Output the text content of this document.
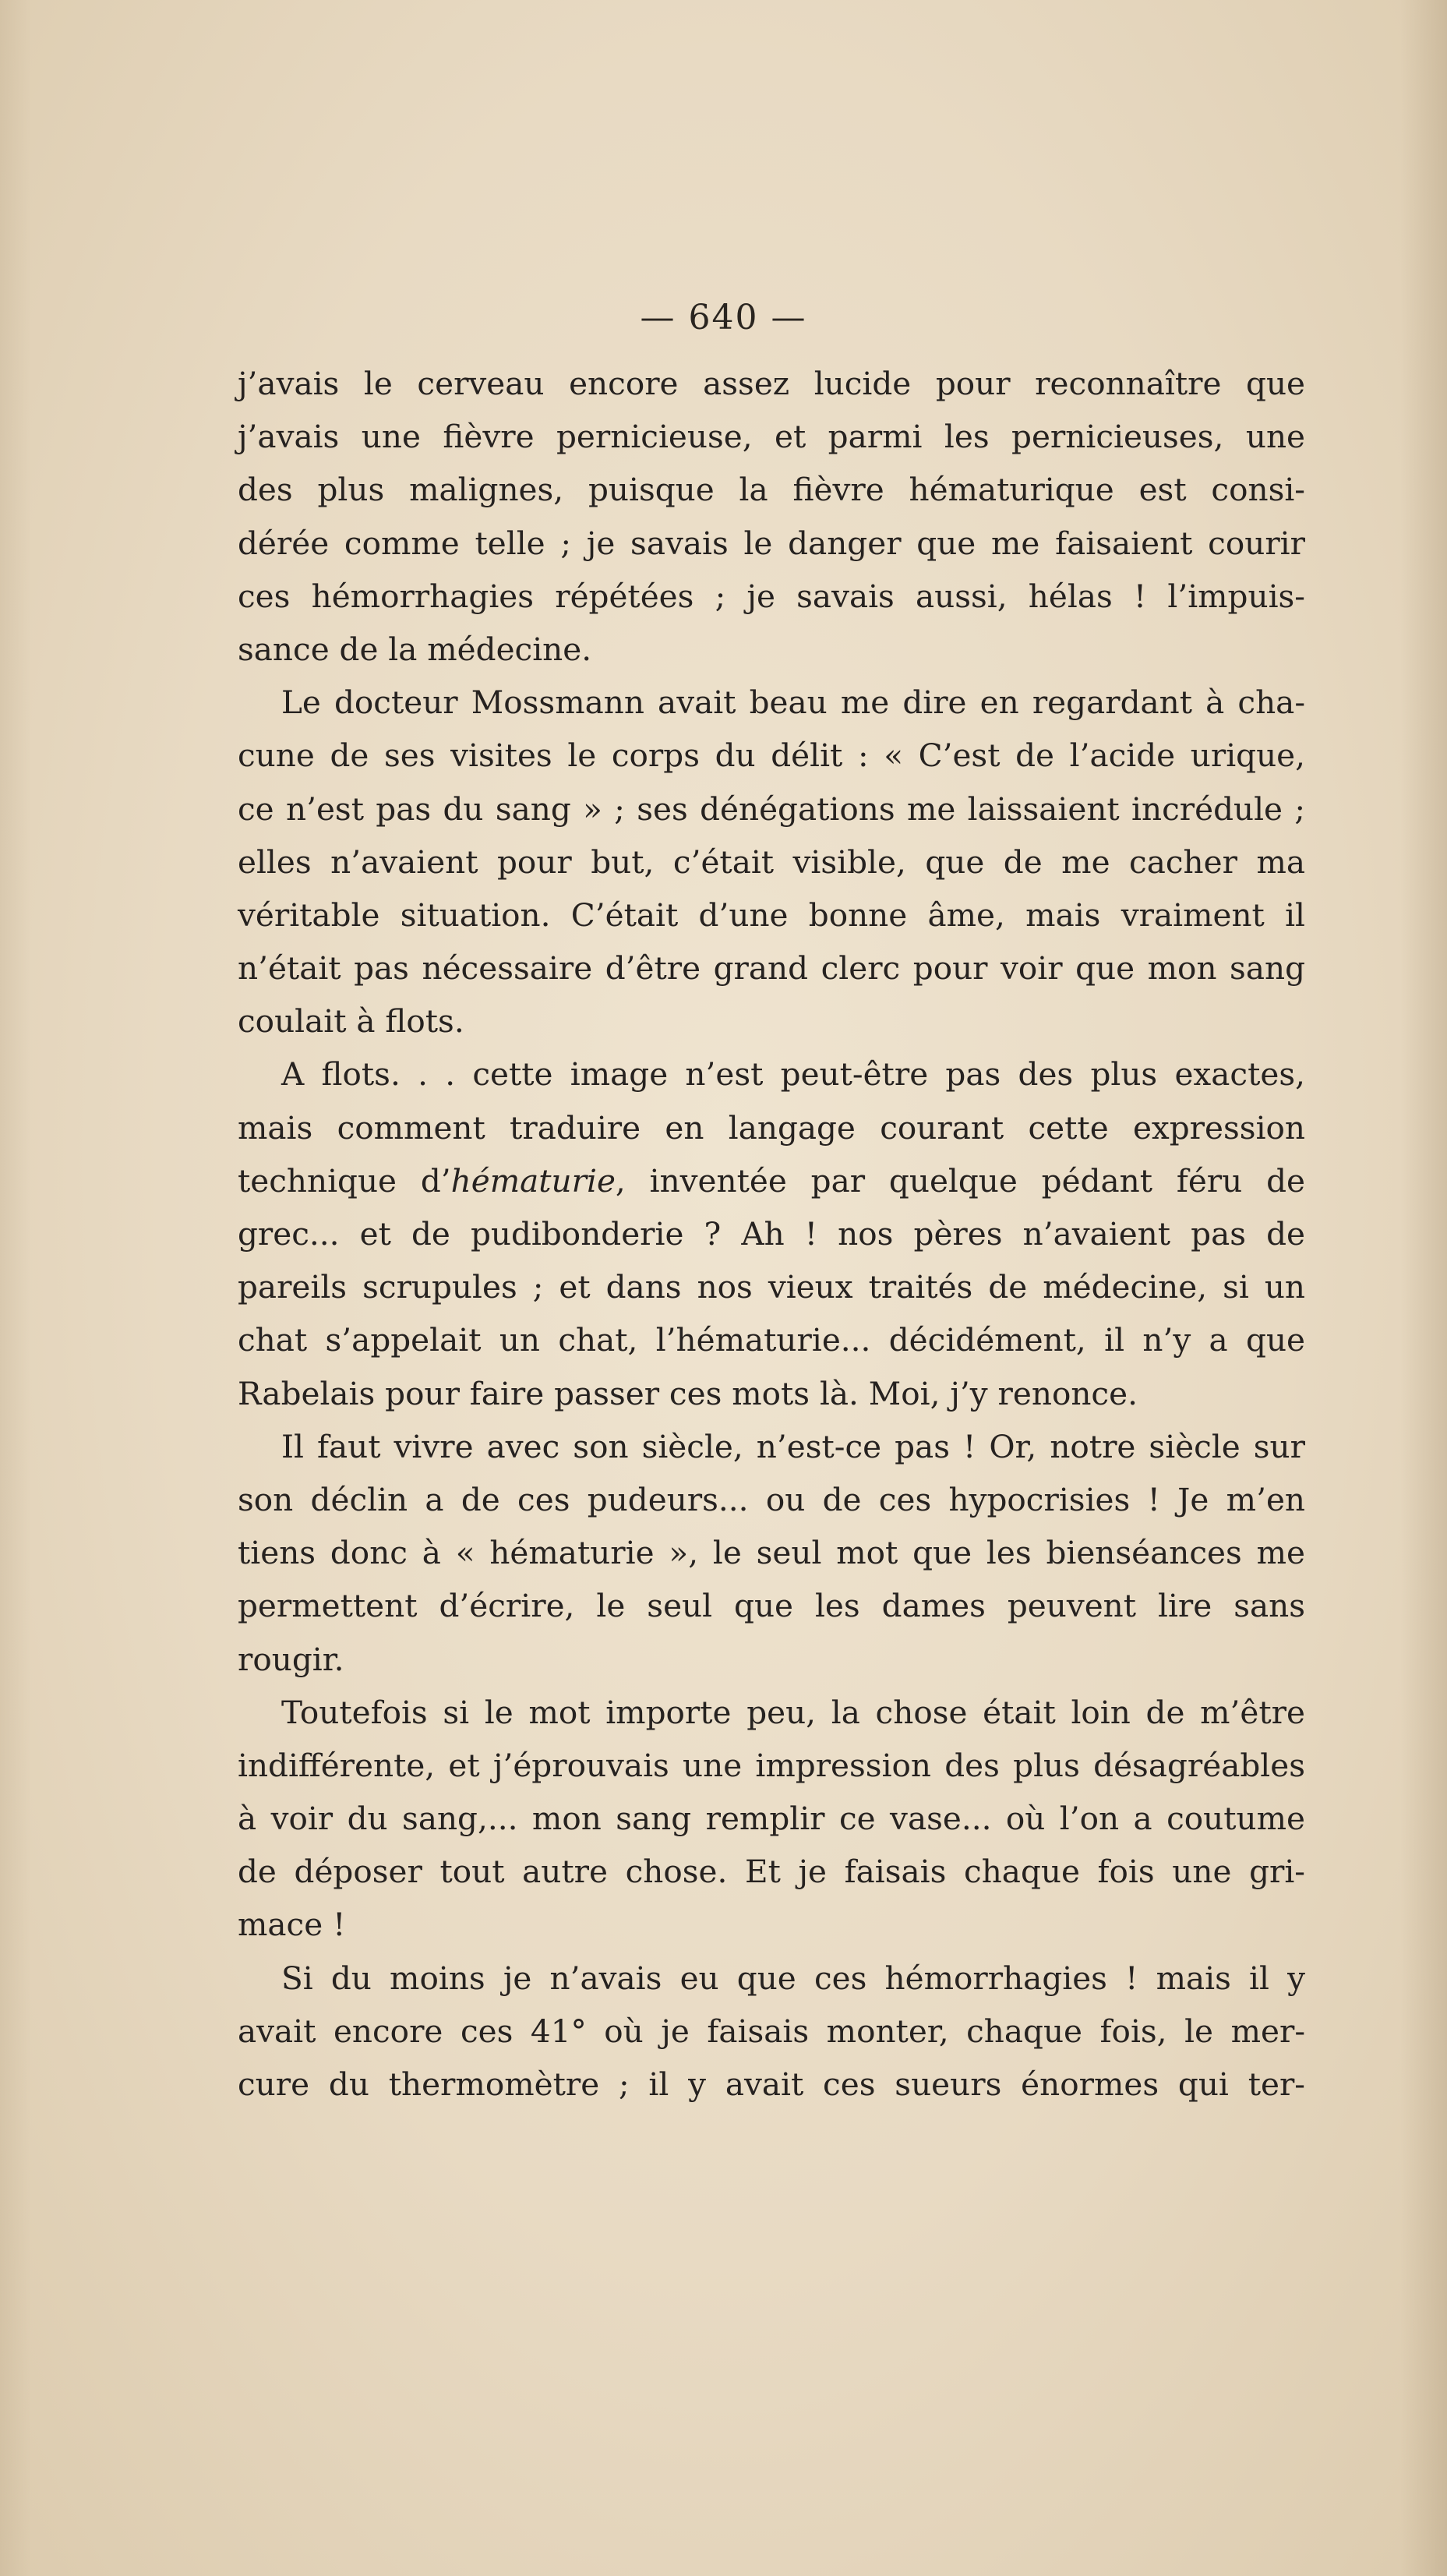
— 640 —

j’avais le cerveau encore assez lucide pour reconnaître que
j’avais une fièvre pernicieuse, et parmi les pernicieuses, une
des plus malignes, puisque la fièvre hématurique est consi-
dérée comme telle ; je savais le danger que me faisaient courir
ces hémorrhagies répétées ; je savais aussi, hélas ! l’impuis-
sance de la médecine.

Le docteur Mossmann avait beau me dire en regardant à cha-
cune de ses visites le corps du délit : « C’est de l’acide urique,
ce n’est pas du sang » ; ses dénégations me laissaient incrédule ;
elles n’avaient pour but, c’était visible, que de me cacher ma
véritable situation. C’était d’une bonne âme, mais vraiment il
n’était pas nécessaire d’être grand clerc pour voir que mon sang
coulait à flots.

A flots. . . cette image n’est peut-être pas des plus exactes,
mais comment traduire en langage courant cette expression
technique d’hématurie, inventée par quelque pédant féru de
grec... et de pudibonderie ? Ah ! nos pères n’avaient pas de
pareils scrupules ; et dans nos vieux traités de médecine, si un
chat s’appelait un chat, l’hématurie... décidément, il n’y a que
Rabelais pour faire passer ces mots là. Moi, j’y renonce.

Il faut vivre avec son siècle, n’est-ce pas ! Or, notre siècle sur
son déclin a de ces pudeurs... ou de ces hypocrisies ! Je m’en
tiens donc à « hématurie », le seul mot que les bienséances me
permettent d’écrire, le seul que les dames peuvent lire sans
rougir.

Toutefois si le mot importe peu, la chose était loin de m’être
indifférente, et j’éprouvais une impression des plus désagréables
à voir du sang,... mon sang remplir ce vase... où l’on a coutume
de déposer tout autre chose. Et je faisais chaque fois une gri-
mace !

Si du moins je n’avais eu que ces hémorrhagies ! mais il y
avait encore ces 41° où je faisais monter, chaque fois, le mer-
cure du thermomètre ; il y avait ces sueurs énormes qui ter-
